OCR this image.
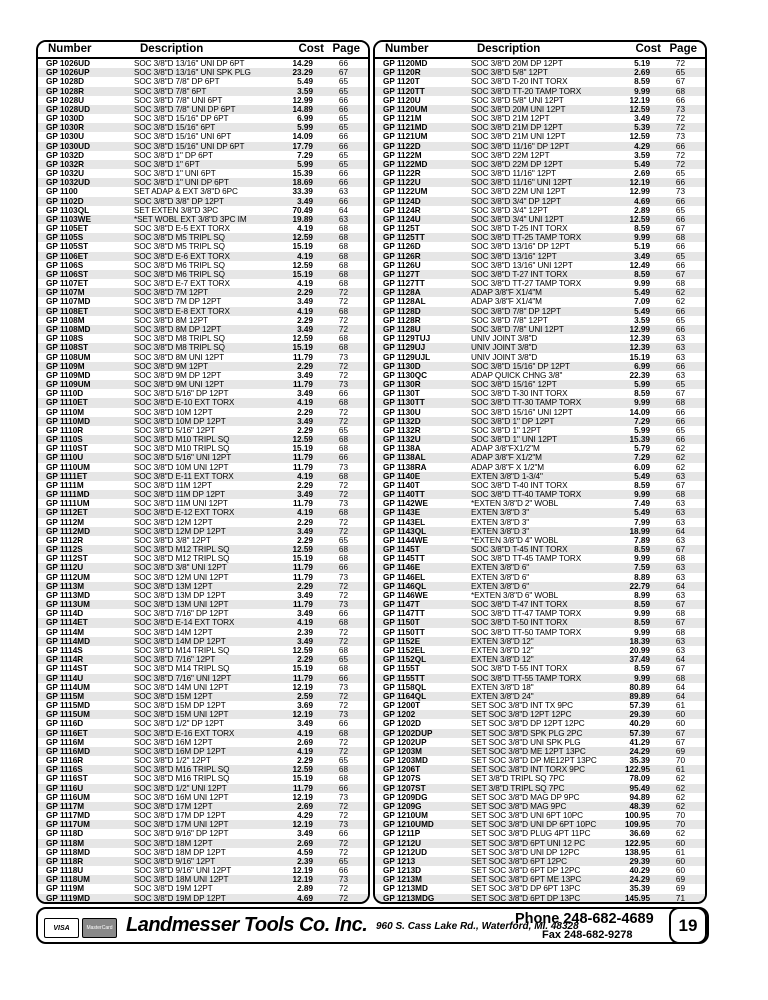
Number	Description	Cost Page
GP 1026UD	SOC 3/8"D 13/16" UNI DP 6PT	14.29	66
GP 1026UP	SOC 3/8"D 13/16" UNI SPK PLG	23.29	67
GP 1028D	SOC 3/8"D 7/8" DP 6PT	5.49	65
GP 1028R	SOC 3/8"D 7/8" 6PT	3.59	65
GP 1028U	SOC 3/8"D 7/8" UNI 6PT	12.99	66
GP 1028UD	SOC 3/8"D 7/8" UNI DP 6PT	14.89	66
GP 1030D	SOC 3/8"D 15/16" DP 6PT	6.99	65
GP 1030R	SOC 3/8"D 15/16" 6PT	5.99	65
GP 1030U	SOC 3/8"D 15/16" UNI 6PT	14.09	66
GP 1030UD	SOC 3/8"D 15/16" UNI DP 6PT	17.79	66
GP 1032D	SOC 3/8"D 1" DP 6PT	7.29	65
GP 1032R	SOC 3/8"D 1" 6PT	5.99	65
GP 1032U	SOC 3/8"D 1" UNI 6PT	15.39	66
GP 1032UD	SOC 3/8"D 1" UNI DP 6PT	18.69	66
GP 1100	SET ADAP & EXT 3/8"D 6PC	33.39	63
GP 1102D	SOC 3/8"D 3/8" DP 12PT	3.49	66
GP 1103QL	SET EXTEN 3/8"D 3PC	70.49	64
GP 1103WE	*SET WOBL EXT 3/8"D 3PC IM	19.89	63
GP 1105ET	SOC 3/8"D E-5 EXT TORX	4.19	68
GP 1105S	SOC 3/8"D M5 TRIPL SQ	12.59	68
GP 1105ST	SOC 3/8"D M5 TRIPL SQ	15.19	68
GP 1106ET	SOC 3/8"D E-6 EXT TORX	4.19	68
GP 1106S	SOC 3/8"D M6 TRIPL SQ	12.59	68
GP 1106ST	SOC 3/8"D M6 TRIPL SQ	15.19	68
GP 1107ET	SOC 3/8"D E-7 EXT TORX	4.19	68
GP 1107M	SOC 3/8"D 7M 12PT	2.29	72
GP 1107MD	SOC 3/8"D 7M DP 12PT	3.49	72
GP 1108ET	SOC 3/8"D E-8 EXT TORX	4.19	68
GP 1108M	SOC 3/8"D 8M 12PT	2.29	72
GP 1108MD	SOC 3/8"D 8M DP 12PT	3.49	72
GP 1108S	SOC 3/8"D M8 TRIPL SQ	12.59	68
GP 1108ST	SOC 3/8"D M8 TRIPL SQ	15.19	68
GP 1108UM	SOC 3/8"D 8M UNI 12PT	11.79	73
GP 1109M	SOC 3/8"D 9M 12PT	2.29	72
GP 1109MD	SOC 3/8"D 9M DP 12PT	3.49	72
GP 1109UM	SOC 3/8"D 9M UNI 12PT	11.79	73
GP 1110D	SOC 3/8"D 5/16" DP 12PT	3.49	66
GP 1110ET	SOC 3/8"D E-10 EXT TORX	4.19	68
GP 1110M	SOC 3/8"D 10M 12PT	2.29	72
GP 1110MD	SOC 3/8"D 10M DP 12PT	3.49	72
GP 1110R	SOC 3/8"D 5/16" 12PT	2.29	65
GP 1110S	SOC 3/8"D M10 TRIPL SQ	12.59	68
GP 1110ST	SOC 3/8"D M10 TRIPL SQ	15.19	68
GP 1110U	SOC 3/8"D 5/16" UNI 12PT	11.79	66
GP 1110UM	SOC 3/8"D 10M UNI 12PT	11.79	73
GP 1111ET	SOC 3/8"D E-11 EXT TORX	4.19	68
GP 1111M	SOC 3/8"D 11M 12PT	2.29	72
GP 1111MD	SOC 3/8"D 11M DP 12PT	3.49	72
GP 1111UM	SOC 3/8"D 11M UNI 12PT	11.79	73
GP 1112ET	SOC 3/8"D E-12 EXT TORX	4.19	68
GP 1112M	SOC 3/8"D 12M 12PT	2.29	72
GP 1112MD	SOC 3/8"D 12M DP 12PT	3.49	72
GP 1112R	SOC 3/8"D 3/8" 12PT	2.29	65
GP 1112S	SOC 3/8"D M12 TRIPL SQ	12.59	68
GP 1112ST	SOC 3/8"D M12 TRIPL SQ	15.19	68
GP 1112U	SOC 3/8"D 3/8" UNI 12PT	11.79	66
GP 1112UM	SOC 3/8"D 12M UNI 12PT	11.79	73
GP 1113M	SOC 3/8"D 13M 12PT	2.29	72
GP 1113MD	SOC 3/8"D 13M DP 12PT	3.49	72
GP 1113UM	SOC 3/8"D 13M UNI 12PT	11.79	73
GP 1114D	SOC 3/8"D 7/16" DP 12PT	3.49	66
GP 1114ET	SOC 3/8"D E-14 EXT TORX	4.19	68
GP 1114M	SOC 3/8"D 14M 12PT	2.39	72
GP 1114MD	SOC 3/8"D 14M DP 12PT	3.49	72
GP 1114S	SOC 3/8"D M14 TRIPL SQ	12.59	68
GP 1114R	SOC 3/8"D 7/16" 12PT	2.29	65
GP 1114ST	SOC 3/8"D M14 TRIPL SQ	15.19	68
GP 1114U	SOC 3/8"D 7/16" UNI 12PT	11.79	66
GP 1114UM	SOC 3/8"D 14M UNI 12PT	12.19	73
GP 1115M	SOC 3/8"D 15M 12PT	2.59	72
GP 1115MD	SOC 3/8"D 15M DP 12PT	3.69	72
GP 1115UM	SOC 3/8"D 15M UNI 12PT	12.19	73
GP 1116D	SOC 3/8"D 1/2" DP 12PT	3.49	66
GP 1116ET	SOC 3/8"D E-16 EXT TORX	4.19	68
GP 1116M	SOC 3/8"D 16M 12PT	2.69	72
GP 1116MD	SOC 3/8"D 16M DP 12PT	4.19	72
GP 1116R	SOC 3/8"D 1/2" 12PT	2.29	65
GP 1116S	SOC 3/8"D M16 TRIPL SQ	12.59	68
GP 1116ST	SOC 3/8"D M16 TRIPL SQ	15.19	68
GP 1116U	SOC 3/8"D 1/2" UNI 12PT	11.79	66
GP 1116UM	SOC 3/8"D 16M UNI 12PT	12.19	73
GP 1117M	SOC 3/8"D 17M 12PT	2.69	72
GP 1117MD	SOC 3/8"D 17M DP 12PT	4.29	72
GP 1117UM	SOC 3/8"D 17M UNI 12PT	12.19	73
GP 1118D	SOC 3/8"D 9/16" DP 12PT	3.49	66
GP 1118M	SOC 3/8"D 18M 12PT	2.69	72
GP 1118MD	SOC 3/8"D 18M DP 12PT	4.59	72
GP 1118R	SOC 3/8"D 9/16" 12PT	2.39	65
GP 1118U	SOC 3/8"D 9/16" UNI 12PT	12.19	66
GP 1118UM	SOC 3/8"D 18M UNI 12PT	12.19	73
GP 1119M	SOC 3/8"D 19M 12PT	2.89	72
GP 1119MD	SOC 3/8"D 19M DP 12PT	4.69	72
Number	Description	Cost Page
GP 1120MD	SOC 3/8"D 20M DP 12PT	5.19	72
GP 1120R	SOC 3/8"D 5/8" 12PT	2.69	65
GP 1120T	SOC 3/8"D T-20 INT TORX	8.59	67
GP 1120TT	SOC 3/8"D TT-20 TAMP TORX	9.99	68
GP 1120U	SOC 3/8"D 5/8" UNI 12PT	12.19	66
GP 1120UM	SOC 3/8"D 20M UNI 12PT	12.59	73
GP 1121M	SOC 3/8"D 21M 12PT	3.49	72
GP 1121MD	SOC 3/8"D 21M DP 12PT	5.39	72
GP 1121UM	SOC 3/8"D 21M UNI 12PT	12.59	73
GP 1122D	SOC 3/8"D 11/16" DP 12PT	4.29	66
GP 1122M	SOC 3/8"D 22M 12PT	3.59	72
GP 1122MD	SOC 3/8"D 22M DP 12PT	5.49	72
GP 1122R	SOC 3/8"D 11/16" 12PT	2.69	65
GP 1122U	SOC 3/8"D 11/16" UNI 12PT	12.19	66
GP 1122UM	SOC 3/8"D 22M UNI 12PT	12.99	73
GP 1124D	SOC 3/8"D 3/4" DP 12PT	4.69	66
GP 1124R	SOC 3/8"D 3/4" 12PT	2.89	65
GP 1124U	SOC 3/8"D 3/4" UNI 12PT	12.59	66
GP 1125T	SOC 3/8"D T-25 INT TORX	8.59	67
GP 1125TT	SOC 3/8"D TT-25 TAMP TORX	9.99	68
GP 1126D	SOC 3/8"D 13/16" DP 12PT	5.19	66
GP 1126R	SOC 3/8"D 13/16" 12PT	3.49	65
GP 1126U	SOC 3/8"D 13/16" UNI 12PT	12.49	66
GP 1127T	SOC 3/8"D T-27 INT TORX	8.59	67
GP 1127TT	SOC 3/8"D TT-27 TAMP TORX	9.99	68
GP 1128A	ADAP 3/8"F X1/4"M	5.49	62
GP 1128AL	ADAP 3/8"F X1/4"M	7.09	62
GP 1128D	SOC 3/8"D 7/8" DP 12PT	5.49	66
GP 1128R	SOC 3/8"D 7/8" 12PT	3.59	65
GP 1128U	SOC 3/8"D 7/8" UNI 12PT	12.99	66
GP 1129TUJ	UNIV JOINT 3/8"D	12.39	63
GP 1129UJ	UNIV JOINT 3/8"D	12.39	63
GP 1129UJL	UNIV JOINT 3/8"D	15.19	63
GP 1130D	SOC 3/8"D 15/16" DP 12PT	6.99	66
GP 1130QC	ADAP QUICK CHNG 3/8"	22.39	63
GP 1130R	SOC 3/8"D 15/16" 12PT	5.99	65
GP 1130T	SOC 3/8"D T-30 INT TORX	8.59	67
GP 1130TT	SOC 3/8"D TT-30 TAMP TORX	9.99	68
GP 1130U	SOC 3/8"D 15/16" UNI 12PT	14.09	66
GP 1132D	SOC 3/8"D 1" DP 12PT	7.29	66
GP 1132R	SOC 3/8"D 1" 12PT	5.99	65
GP 1132U	SOC 3/8"D 1" UNI 12PT	15.39	66
GP 1138A	ADAP 3/8"FX1/2"M	5.79	62
GP 1138AL	ADAP 3/8"F X1/2"M	7.29	62
GP 1138RA	ADAP 3/8"F X 1/2"M	6.09	62
GP 1140E	EXTEN 3/8"D 1-3/4"	5.49	63
GP 1140T	SOC 3/8"D T-40 INT TORX	8.59	67
GP 1140TT	SOC 3/8"D TT-40 TAMP TORX	9.99	68
GP 1142WE	*EXTEN 3/8"D 2" WOBL	7.49	63
GP 1143E	EXTEN 3/8"D 3"	5.49	63
GP 1143EL	EXTEN 3/8"D 3"	7.99	63
GP 1143QL	EXTEN 3/8"D 3"	18.99	64
GP 1144WE	*EXTEN 3/8"D 4" WOBL	7.89	63
GP 1145T	SOC 3/8"D T-45 INT TORX	8.59	67
GP 1145TT	SOC 3/8"D TT-45 TAMP TORX	9.99	68
GP 1146E	EXTEN 3/8"D 6"	7.59	63
GP 1146EL	EXTEN 3/8"D 6"	8.89	63
GP 1146QL	EXTEN 3/8"D 6"	22.79	64
GP 1146WE	*EXTEN 3/8"D 6" WOBL	8.99	63
GP 1147T	SOC 3/8"D T-47 INT TORX	8.59	67
GP 1147TT	SOC 3/8"D TT-47 TAMP TORX	9.99	68
GP 1150T	SOC 3/8"D T-50 INT TORX	8.59	67
GP 1150TT	SOC 3/8"D TT-50 TAMP TORX	9.99	68
GP 1152E	EXTEN 3/8"D 12"	18.39	63
GP 1152EL	EXTEN 3/8"D 12"	20.99	63
GP 1152QL	EXTEN 3/8"D 12"	37.49	64
GP 1155T	SOC 3/8"D T-55 INT TORX	8.59	67
GP 1155TT	SOC 3/8"D TT-55 TAMP TORX	9.99	68
GP 1158QL	EXTEN 3/8"D 18"	80.89	64
GP 1164QL	EXTEN 3/8"D 24"	89.89	64
GP 1200T	SET SOC 3/8"D INT TX 9PC	57.39	61
GP 1202	SET SOC 3/8"D 12PT 12PC	29.39	60
GP 1202D	SET SOC 3/8"D DP 12PT 12PC	40.29	60
GP 1202DUP	SET SOC 3/8"D SPK PLG 2PC	57.39	67
GP 1202UP	SET SOC 3/8"D UNI SPK PLG	41.29	67
GP 1203M	SET SOC 3/8"D ME 12PT 13PC	24.29	69
GP 1203MD	SET SOC 3/8"D DP ME12PT 13PC	35.39	70
GP 1206T	SET SOC 3/8"D INT TORX 9PC	122.95	61
GP 1207S	SET 3/8"D TRIPL SQ 7PC	78.09	62
GP 1207ST	SET 3/8"D TRIPL SQ 7PC	95.49	62
GP 1209DG	SET SOC 3/8"D MAG DP 9PC	94.89	62
GP 1209G	SET SOC 3/8"D MAG 9PC	48.39	62
GP 1210UM	SET SOC 3/8"D UNI 6PT 10PC	100.95	70
GP 1210UMD	SET SOC 3/8"D UNI DP 6PT 10PC	109.95	70
GP 1211P	SET SOC 3/8"D PLUG 4PT 11PC	36.69	62
GP 1212U	SET SOC 3/8"D 6PT UNI 12 PC	122.95	60
GP 1212UD	SET SOC 3/8"D UNI DP 12PC	138.95	61
GP 1213	SET SOC 3/8"D 6PT 12PC	29.39	60
GP 1213D	SET SOC 3/8"D 6PT DP 12PC	40.29	60
GP 1213M	SET SOC 3/8"D 6PT ME 13PC	24.29	69
GP 1213MD	SET SOC 3/8"D DP 6PT 13PC	35.39	69
GP 1213MDG	SET SOC 3/8"D 6PT DP 13PC	145.95	71
VISA	MasterCard Landmesser Tools Co. Inc. 960 S. Cass Lake Rd., Waterford, MI. 48328
Phone 248-682-4689
Fax 248-682-9278
19
